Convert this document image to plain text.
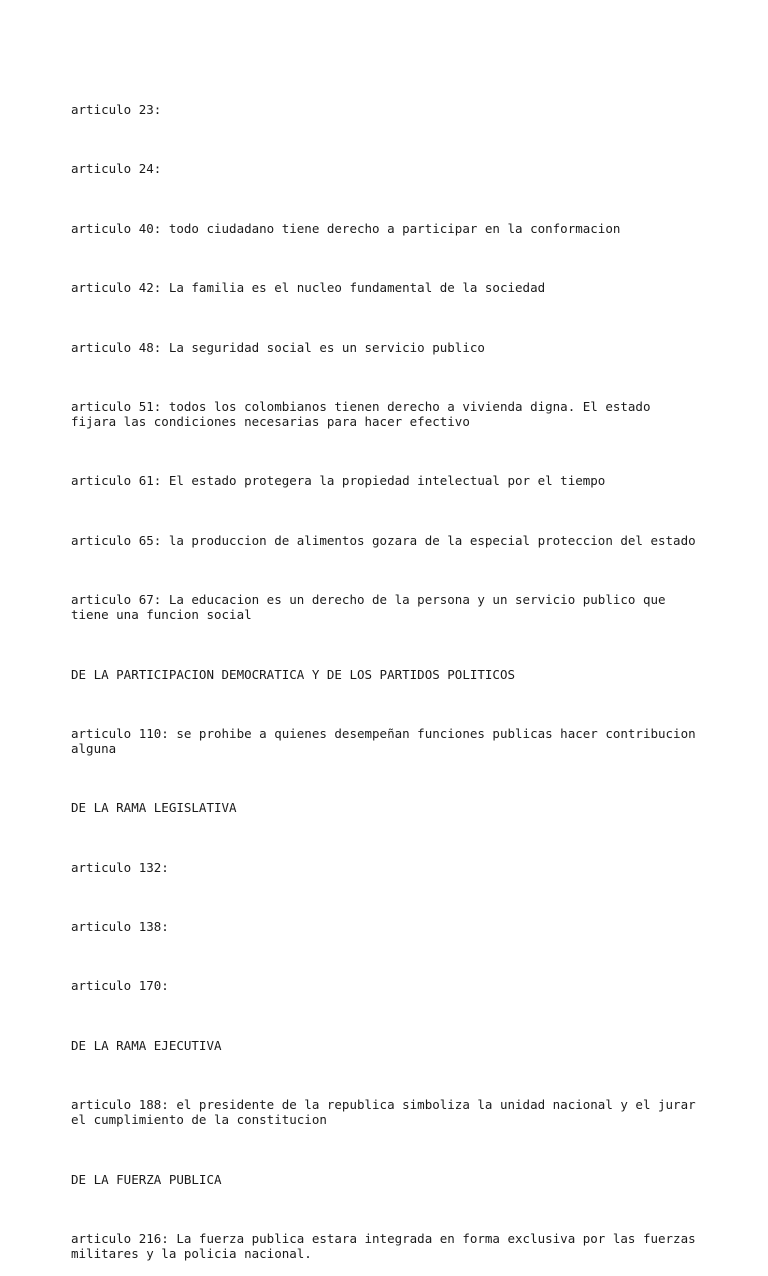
articulo 23:

articulo 24:

articulo 40: todo ciudadano tiene derecho a participar en la conformacion

articulo 42: La familia es el nucleo fundamental de la sociedad

articulo 48: La seguridad social es un servicio publico

articulo 51: todos los colombianos tienen derecho a vivienda digna. El estado
fijara las condiciones necesarias para hacer efectivo

articulo 61: El estado protegera la propiedad intelectual por el tiempo

articulo 65: la produccion de alimentos gozara de la especial proteccion del estado

articulo 67: La educacion es un derecho de la persona y un servicio publico que
tiene una funcion social

DE LA PARTICIPACION DEMOCRATICA Y DE LOS PARTIDOS POLITICOS

articulo 110: se prohibe a quienes desempeñan funciones publicas hacer contribucion
alguna

DE LA RAMA LEGISLATIVA

articulo 132:

articulo 138:

articulo 170:

DE LA RAMA EJECUTIVA

articulo 188: el presidente de la republica simboliza la unidad nacional y el jurar
el cumplimiento de la constitucion

DE LA FUERZA PUBLICA

articulo 216: La fuerza publica estara integrada en forma exclusiva por las fuerzas
militares y la policia nacional.
